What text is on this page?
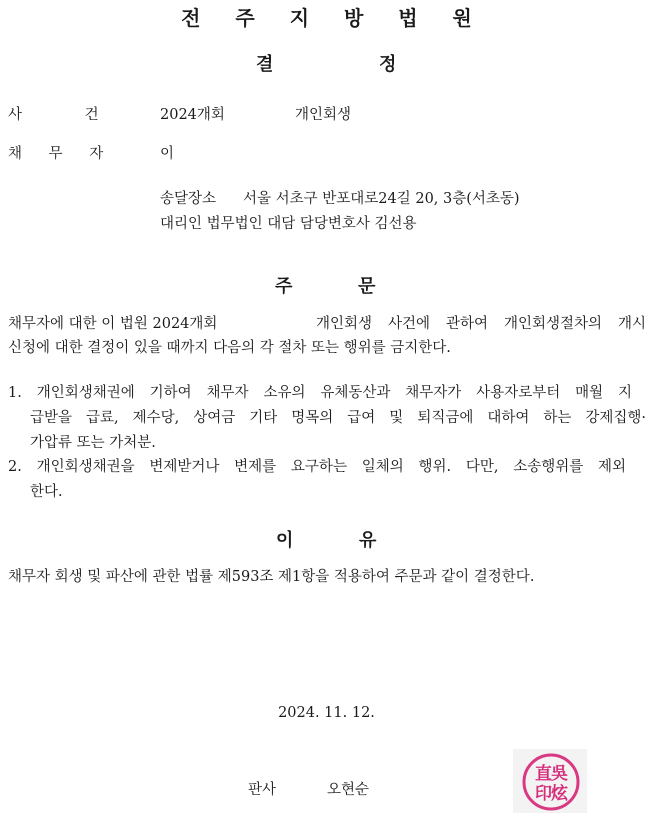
전 주 지 방 법 원
결	정
사 건	2024개회	개인회생
채 무 자	이
송달장소 서울 서초구 반포대로24길 20, 3층(서초동)
대리인 법무법인 대담 담당변호사 김선용
주	문
채무자에 대한 이 법원 2024개회	개인회생 사건에 관하여 개인회생절차의 개시
신청에 대한 결정이 있을 때까지 다음의 각 절차 또는 행위를 금지한다.
1. 개인회생채권에 기하여 채무자 소유의 유체동산과 채무자가 사용자로부터 매월 지
급받을 급료, 제수당, 상여금 기타 명목의 급여 및 퇴직금에 대하여 하는 강제집행·
가압류 또는 가처분.
2. 개인회생채권을 변제받거나 변제를 요구하는 일체의 행위. 다만, 소송행위를 제외
한다.
이	유
채무자 회생 및 파산에 관한 법률 제593조 제1항을 적용하여 주문과 같이 결정한다.
2024. 11. 12.
판사	오현순
直 吳
印 炫
